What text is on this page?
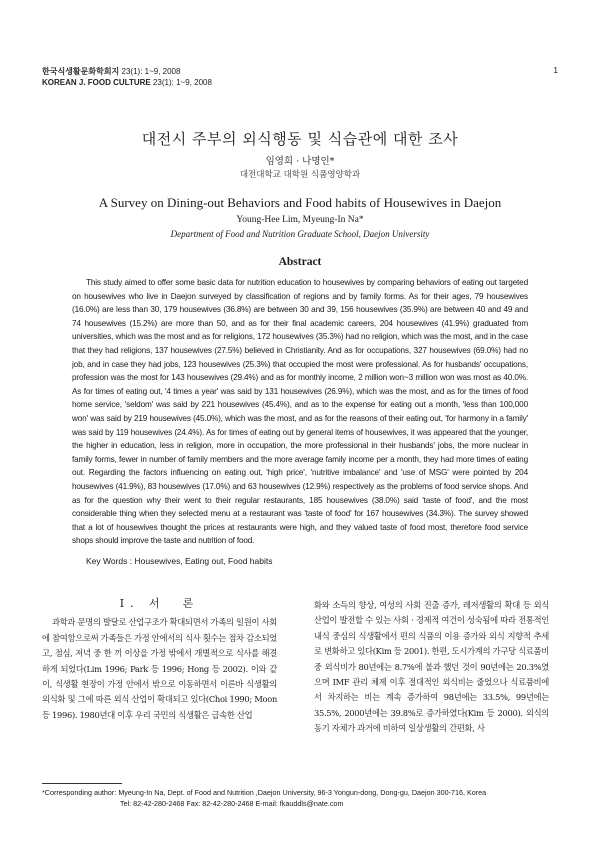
한국식생활문화학회지 23(1): 1~9, 2008
KOREAN J. FOOD CULTURE 23(1): 1~9, 2008
1
대전시 주부의 외식행동 및 식습관에 대한 조사
임영희 · 나명인*
대전대학교 대학원 식품영양학과
A Survey on Dining-out Behaviors and Food habits of Housewives in Daejon
Young-Hee Lim, Myeung-In Na*
Department of Food and Nutrition Graduate School, Daejon University
Abstract
This study aimed to offer some basic data for nutrition education to housewives by comparing behaviors of eating out targeted on housewives who live in Daejon surveyed by classification of regions and by family forms. As for their ages, 79 housewives (16.0%) are less than 30, 179 housewives (36.8%) are between 30 and 39, 156 housewives (35.9%) are between 40 and 49 and 74 housewives (15.2%) are more than 50, and as for their final academic careers, 204 housewives (41.9%) graduated from universities, which was the most and as for religions, 172 housewives (35.3%) had no religion, which was the most, and in the case that they had religions, 137 housewives (27.5%) believed in Christianity. And as for occupations, 327 housewives (69.0%) had no job, and in case they had jobs, 123 housewives (25.3%) that occupied the most were professional. As for husbands' occupations, profession was the most for 143 housewives (29.4%) and as for monthly income, 2 million won~3 million won was most as 40.0%. As for times of eating out, '4 times a year' was said by 131 housewives (26.9%), which was the most, and as for the times of food home service, 'seldom' was said by 221 housewives (45.4%), and as to the expense for eating out a month, 'less than 100,000 won' was said by 219 housewives (45.0%), which was the most, and as for the reasons of their eating out, 'for harmony in a family' was said by 119 housewives (24.4%). As for times of eating out by general items of housewives, it was appeared that the younger, the higher in education, less in religion, more in occupation, the more professional in their husbands' jobs, the more nuclear in family forms, fewer in number of family members and the more average family income per a month, they had more times of eating out. Regarding the factors influencing on eating out, 'high price', 'nutritive imbalance' and 'use of MSG' were pointed by 204 housewives (41.9%), 83 housewives (17.0%) and 63 housewives (12.9%) respectively as the problems of food service shops. And as for the question why their went to their regular restaurants, 185 housewives (38.0%) said 'taste of food', and the most considerable thing when they selected menu at a restaurant was 'taste of food' for 167 housewives (34.3%). The survey showed that a lot of housewives thought the prices at restaurants were high, and they valued taste of food most, therefore food service shops should improve the taste and nutrition of food.
Key Words : Housewives, Eating out, Food habits
Ⅰ. 서　론

과학과 문명의 발달로 산업구조가 확대되면서 가족의 일원이 사회에 참여함으로써 가족들은 가정 안에서의 식사 횟수는 점차 감소되었고, 점심, 저녁 중 한 끼 이상을 가정 밖에서 개별적으로 식사를 해결하게 되었다(Lim 1996; Park 등 1996; Hong 등 2002). 이와 같이, 식생활 현장이 가정 안에서 밖으로 이동하면서 이른바 식생활의 외식화 및 그에 따른 외식 산업이 확대되고 있다(Choi 1990; Moon 등 1996). 1980년대 이후 우리 국민의 식생활은 급속한 산업

화와 소득의 향상, 여성의 사회 진출 증가, 레저생활의 확대 등 외식산업이 발전할 수 있는 사회 · 경제적 여건이 성숙됨에 따라 전통적인 내식 중심의 식생활에서 편의 식품의 이용 증가와 외식 지향적 추세로 변화하고 있다(Kim 등 2001). 한편, 도시가계의 가구당 식료품비 중 외식비가 80년에는 8.7%에 불과 했던 것이 90년에는 20.3%였으며 IMF 관리 체제 이후 절대적인 외식비는 줄었으나 식료품비에서 차지하는 비는 계속 증가하여 98년에는 33.5%, 99년에는 35.5%, 2000년에는 39.8%로 증가하였다(Kim 등 2000). 외식의 동기 자체가 과거에 비하여 일상생활의 간편화, 사

*Corresponding author: Myeung-In Na, Dept. of Food and Nutrition ,Daejon University, 96-3 Yongun-dong, Dong-gu, Daejon 300-716, Korea
Tel: 82-42-280-2468 Fax: 82-42-280-2468 E-mail: fkauddls@nate.com
